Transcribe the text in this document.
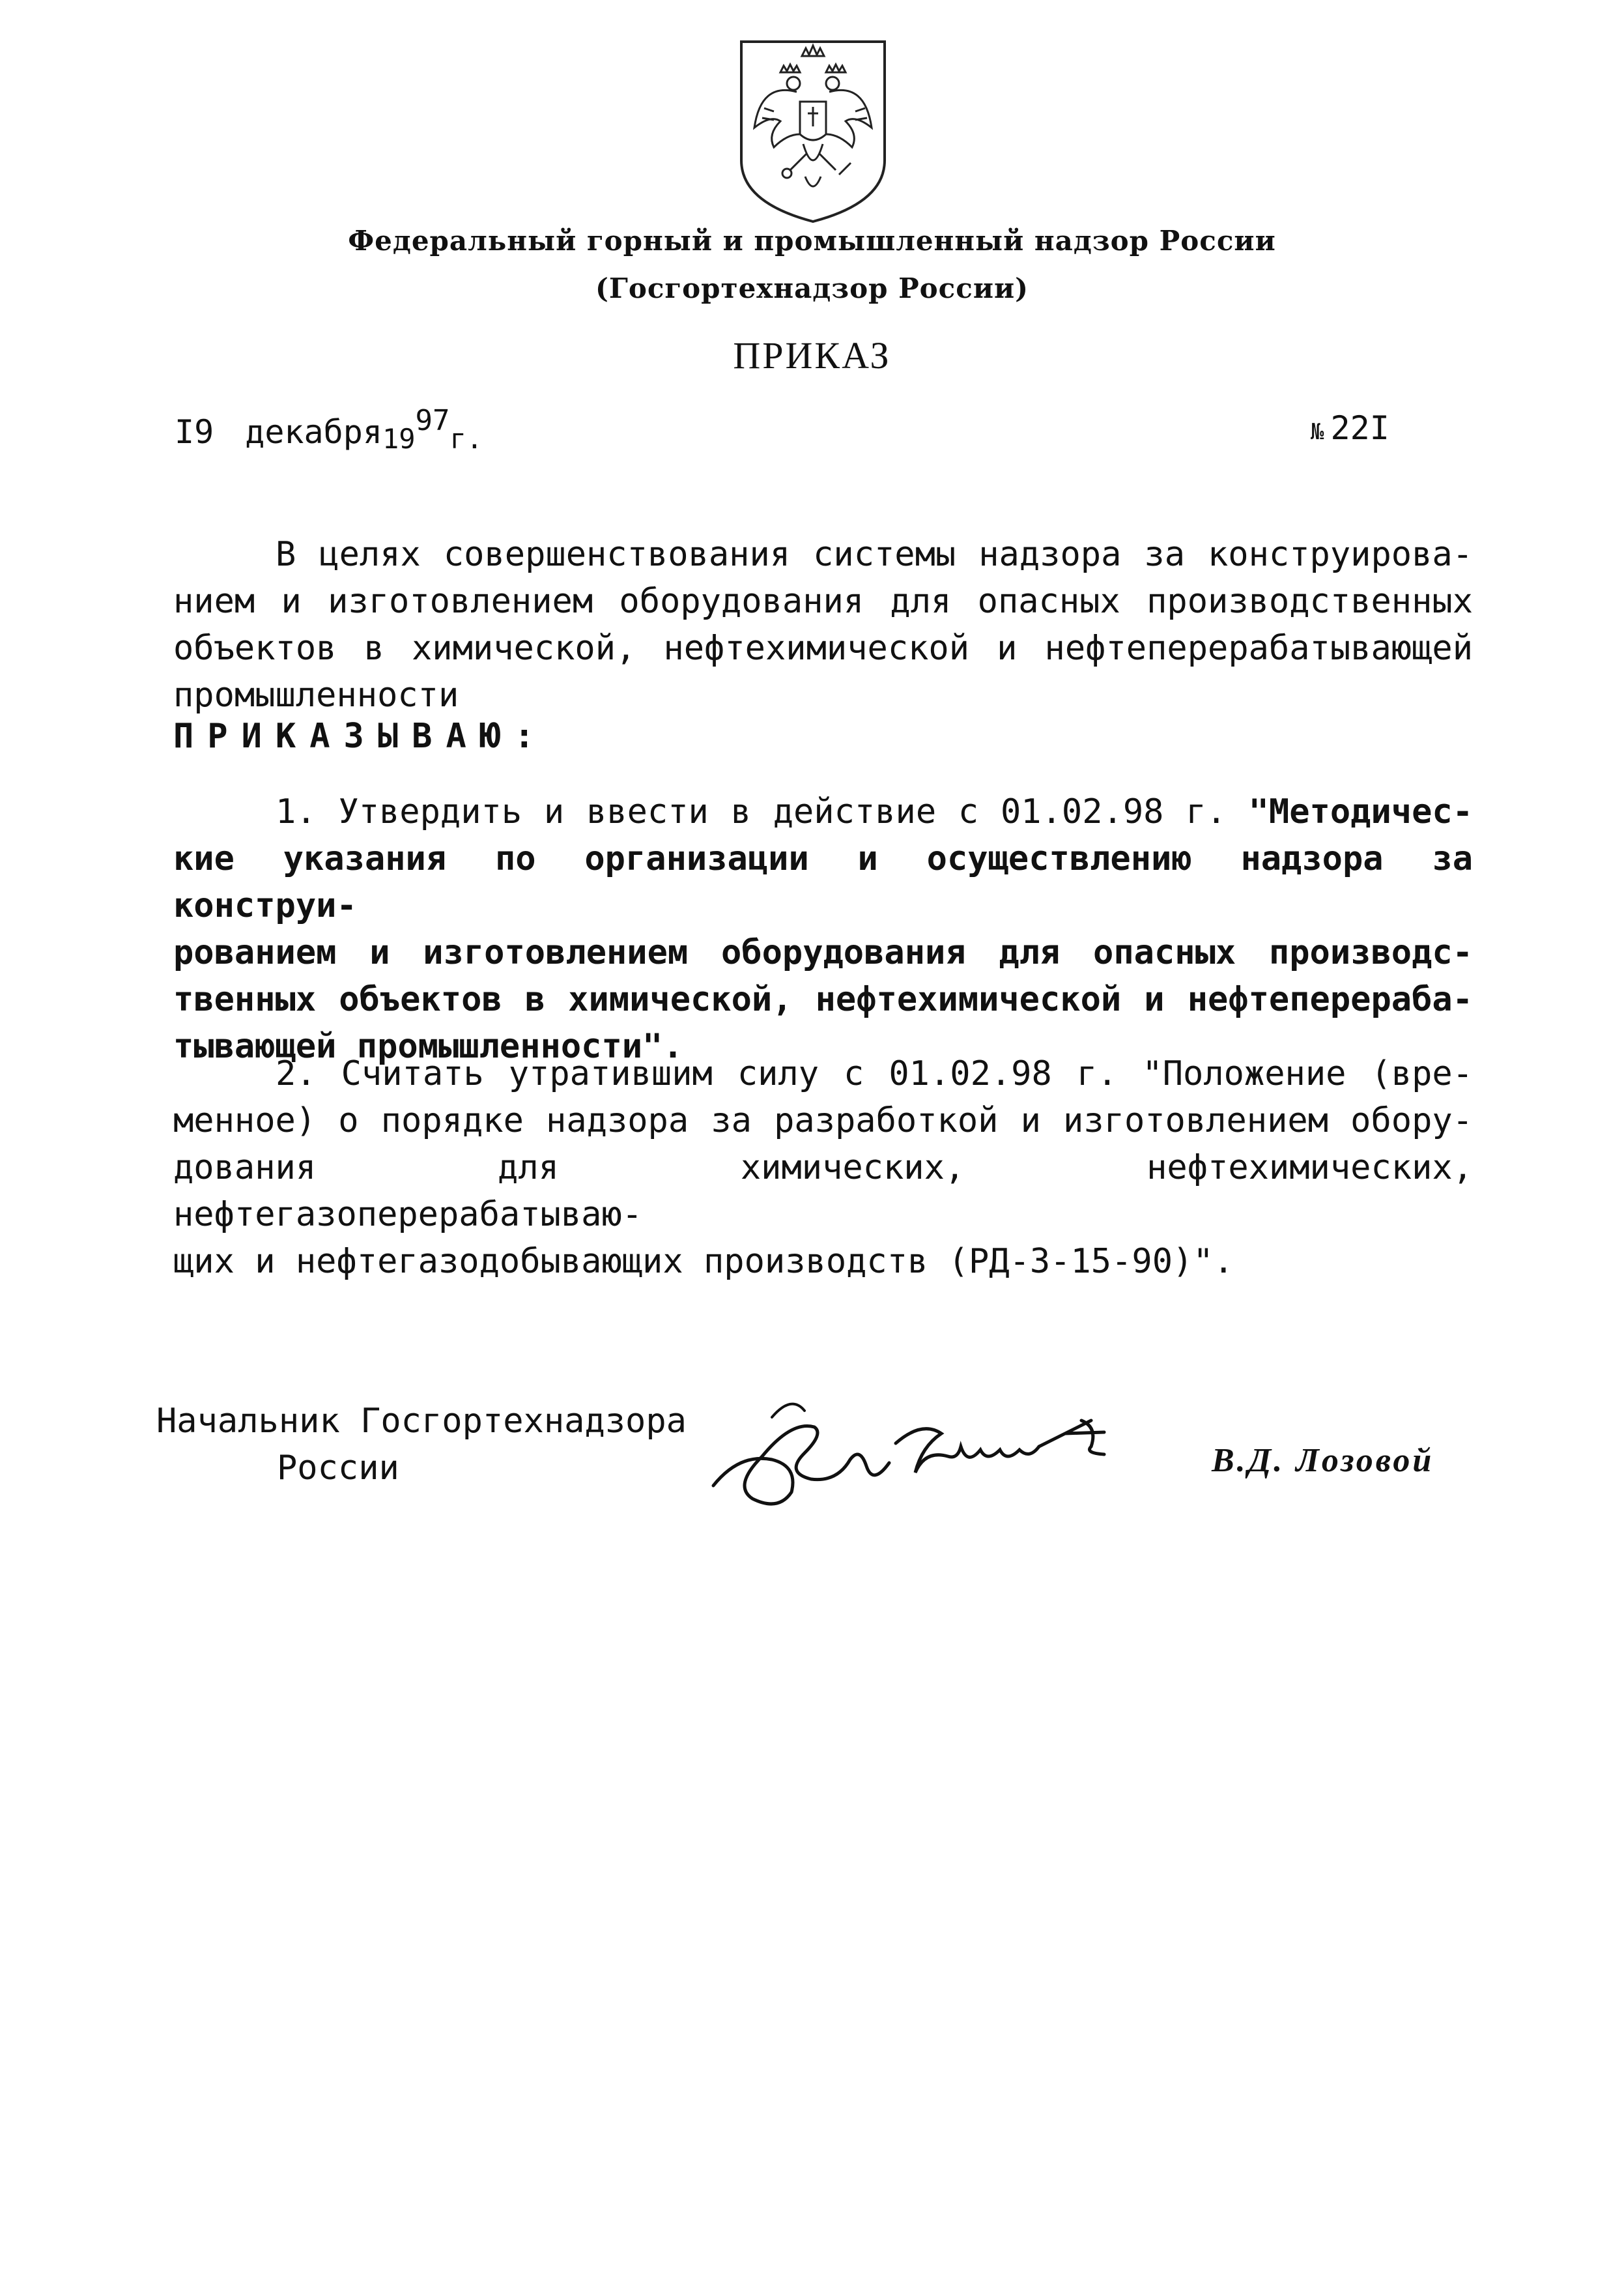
Федеральный горный и промышленный надзор России
(Госгортехнадзор России)
ПРИКАЗ
I9 декабря1997г.	№ 22I
В целях совершенствования системы надзора за конструирова-
нием и изготовлением оборудования для опасных производственных
объектов в химической, нефтехимической и нефтеперерабатывающей
промышленности
ПРИКАЗЫВАЮ:
1. Утвердить и ввести в действие с 01.02.98 г. "Методичес-
кие указания по организации и осуществлению надзора за конструи-
рованием и изготовлением оборудования для опасных производс-
твенных объектов в химической, нефтехимической и нефтеперераба-
тывающей промышленности".
2. Считать утратившим силу с 01.02.98 г. "Положение (вре-
менное) о порядке надзора за разработкой и изготовлением обору-
дования для химических, нефтехимических, нефтегазоперерабатываю-
щих и нефтегазодобывающих производств (РД-3-15-90)".
Начальник Госгортехнадзора
России	В.Д. Лозовой
